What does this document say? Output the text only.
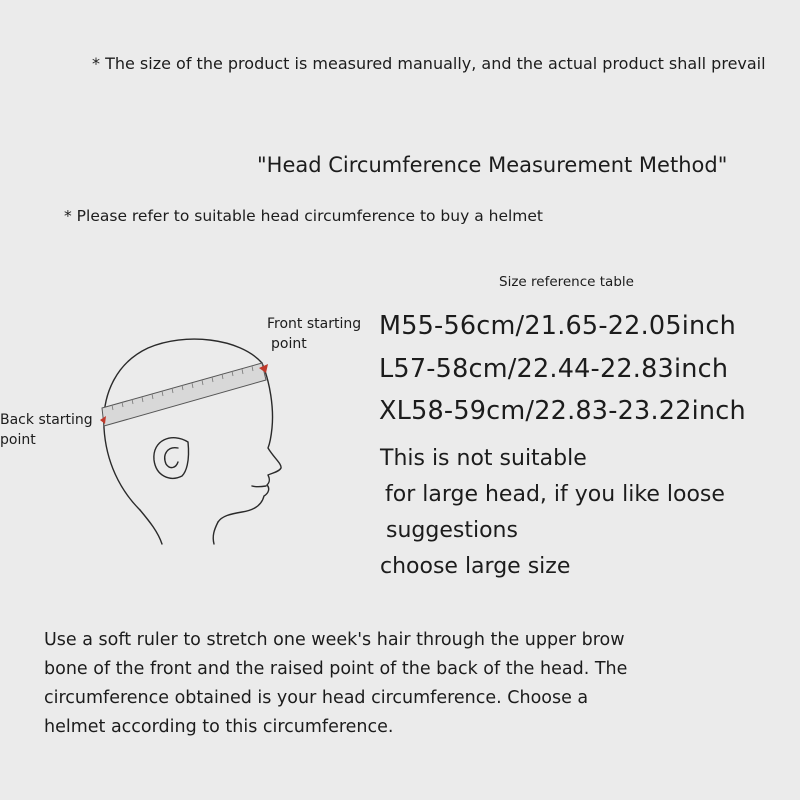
* The size of the product is measured manually, and the actual product shall prevail
"Head Circumference Measurement Method"
* Please refer to suitable head circumference to buy a helmet
Size reference table
M55-56cm/21.65-22.05inch
L57-58cm/22.44-22.83inch
XL58-59cm/22.83-23.22inch
This is not suitable
for large head, if you like loose
suggestions
choose large size
Front starting
point
Back starting
point
Use a soft ruler to stretch one week's hair through the upper brow
bone of the front and the raised point of the back of the head. The
circumference obtained is your head circumference. Choose a
helmet according to this circumference.
